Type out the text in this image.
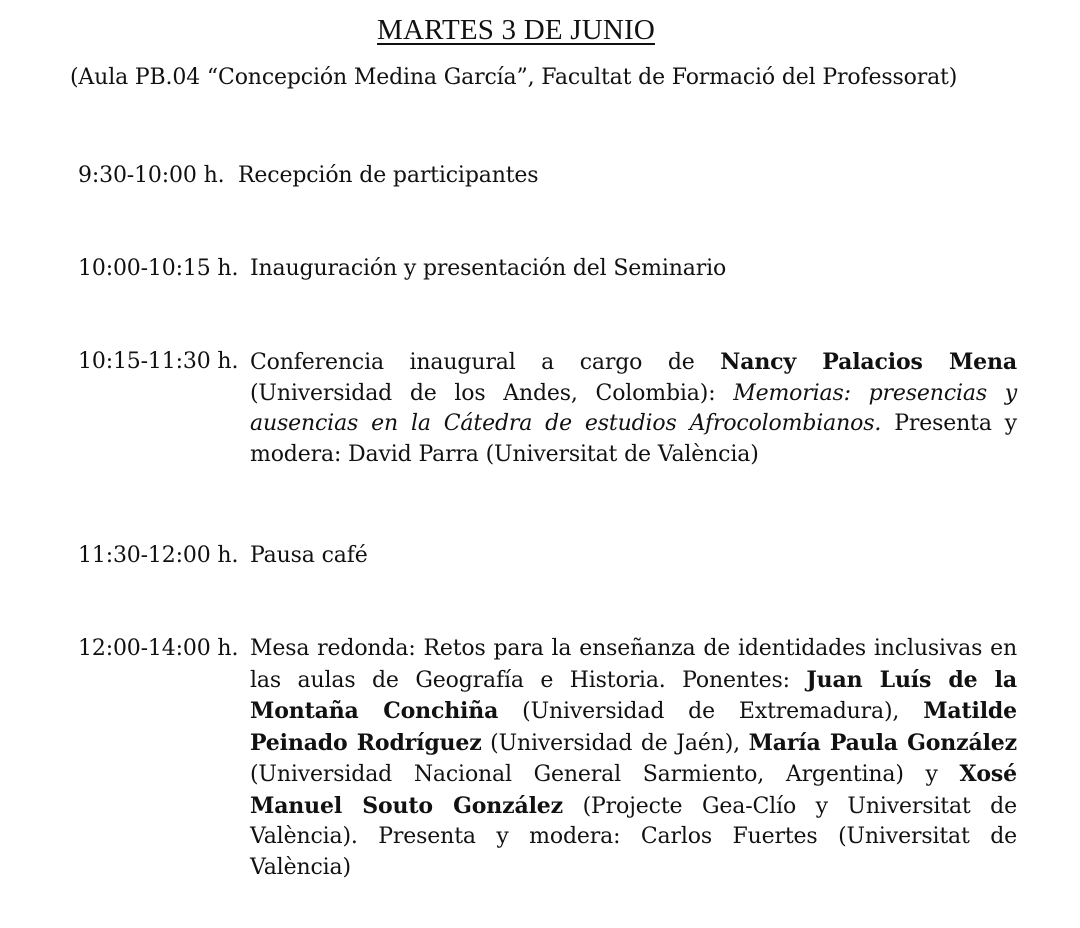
MARTES 3 DE JUNIO
(Aula PB.04 “Concepción Medina García”, Facultat de Formació del Professorat)
9:30-10:00 h. Recepción de participantes
10:00-10:15 h. Inauguración y presentación del Seminario
10:15-11:30 h. Conferencia inaugural a cargo de Nancy Palacios Mena (Universidad de los Andes, Colombia): Memorias: presencias y ausencias en la Cátedra de estudios Afrocolombianos. Presenta y modera: David Parra (Universitat de València)
11:30-12:00 h. Pausa café
12:00-14:00 h. Mesa redonda: Retos para la enseñanza de identidades inclusivas en las aulas de Geografía e Historia. Ponentes: Juan Luís de la Montaña Conchiña (Universidad de Extremadura), Matilde Peinado Rodríguez (Universidad de Jaén), María Paula González (Universidad Nacional General Sarmiento, Argentina) y Xosé Manuel Souto González (Projecte Gea-Clío y Universitat de València). Presenta y modera: Carlos Fuertes (Universitat de València)
